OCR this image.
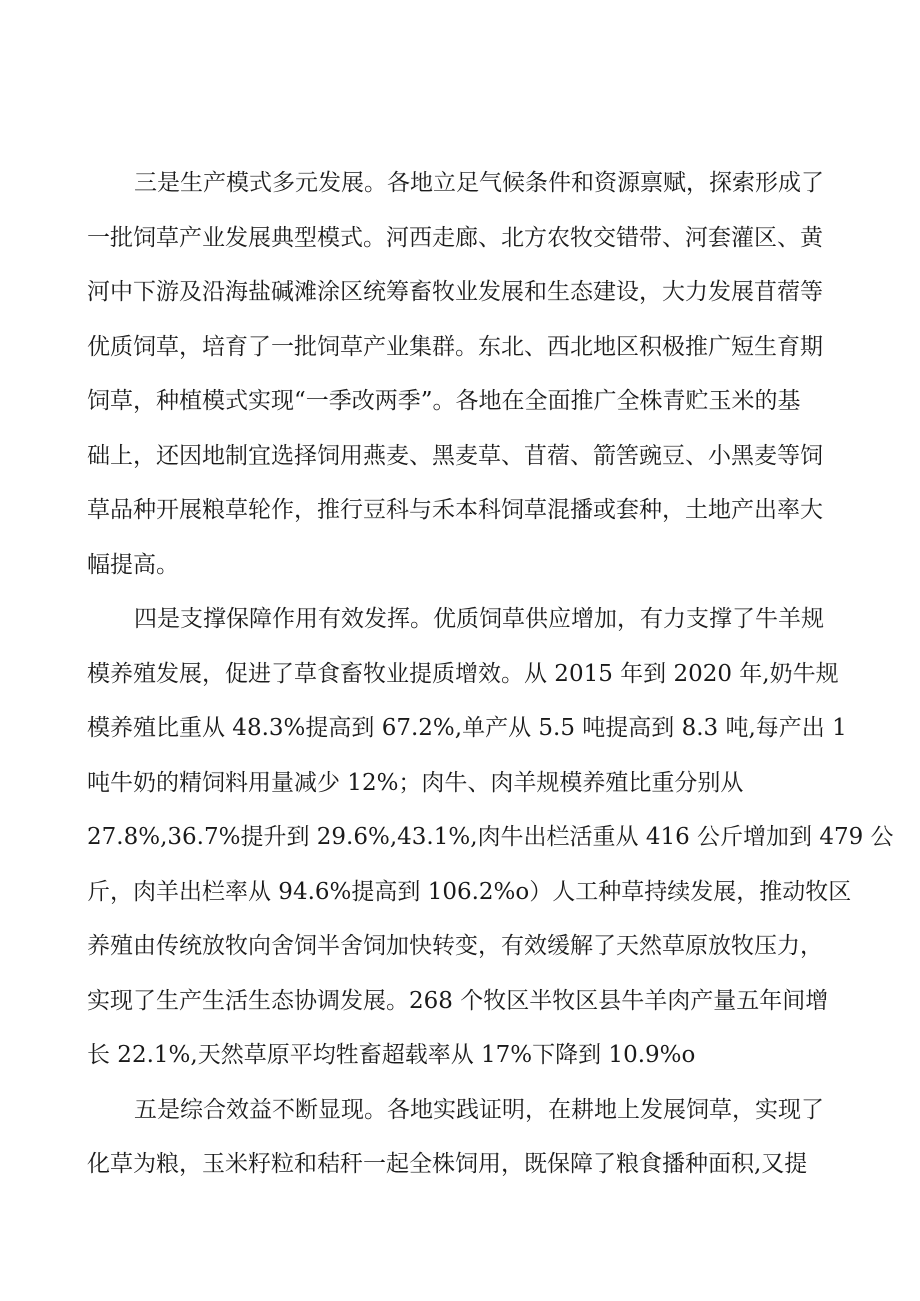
三是生产模式多元发展。各地立足气候条件和资源禀赋，探索形成了
一批饲草产业发展典型模式。河西走廊、北方农牧交错带、河套灌区、黄
河中下游及沿海盐碱滩涂区统筹畜牧业发展和生态建设，大力发展苜蓿等
优质饲草，培育了一批饲草产业集群。东北、西北地区积极推广短生育期
饲草，种植模式实现“一季改两季”。各地在全面推广全株青贮玉米的基
础上，还因地制宜选择饲用燕麦、黑麦草、苜蓿、箭筈豌豆、小黑麦等饲
草品种开展粮草轮作，推行豆科与禾本科饲草混播或套种，土地产出率大
幅提高。
四是支撑保障作用有效发挥。优质饲草供应增加，有力支撑了牛羊规
模养殖发展，促进了草食畜牧业提质增效。从 2015 年到 2020 年,奶牛规
模养殖比重从 48.3%提高到 67.2%,单产从 5.5 吨提高到 8.3 吨,每产出 1
吨牛奶的精饲料用量减少 12%；肉牛、肉羊规模养殖比重分别从
27.8%,36.7%提升到 29.6%,43.1%,肉牛出栏活重从 416 公斤增加到 479 公
斤，肉羊出栏率从 94.6%提高到 106.2%o）人工种草持续发展，推动牧区
养殖由传统放牧向舍饲半舍饲加快转变，有效缓解了天然草原放牧压力，
实现了生产生活生态协调发展。268 个牧区半牧区县牛羊肉产量五年间增
长 22.1%,天然草原平均牲畜超载率从 17%下降到 10.9%o
五是综合效益不断显现。各地实践证明，在耕地上发展饲草，实现了
化草为粮，玉米籽粒和秸秆一起全株饲用，既保障了粮食播种面积,又提
